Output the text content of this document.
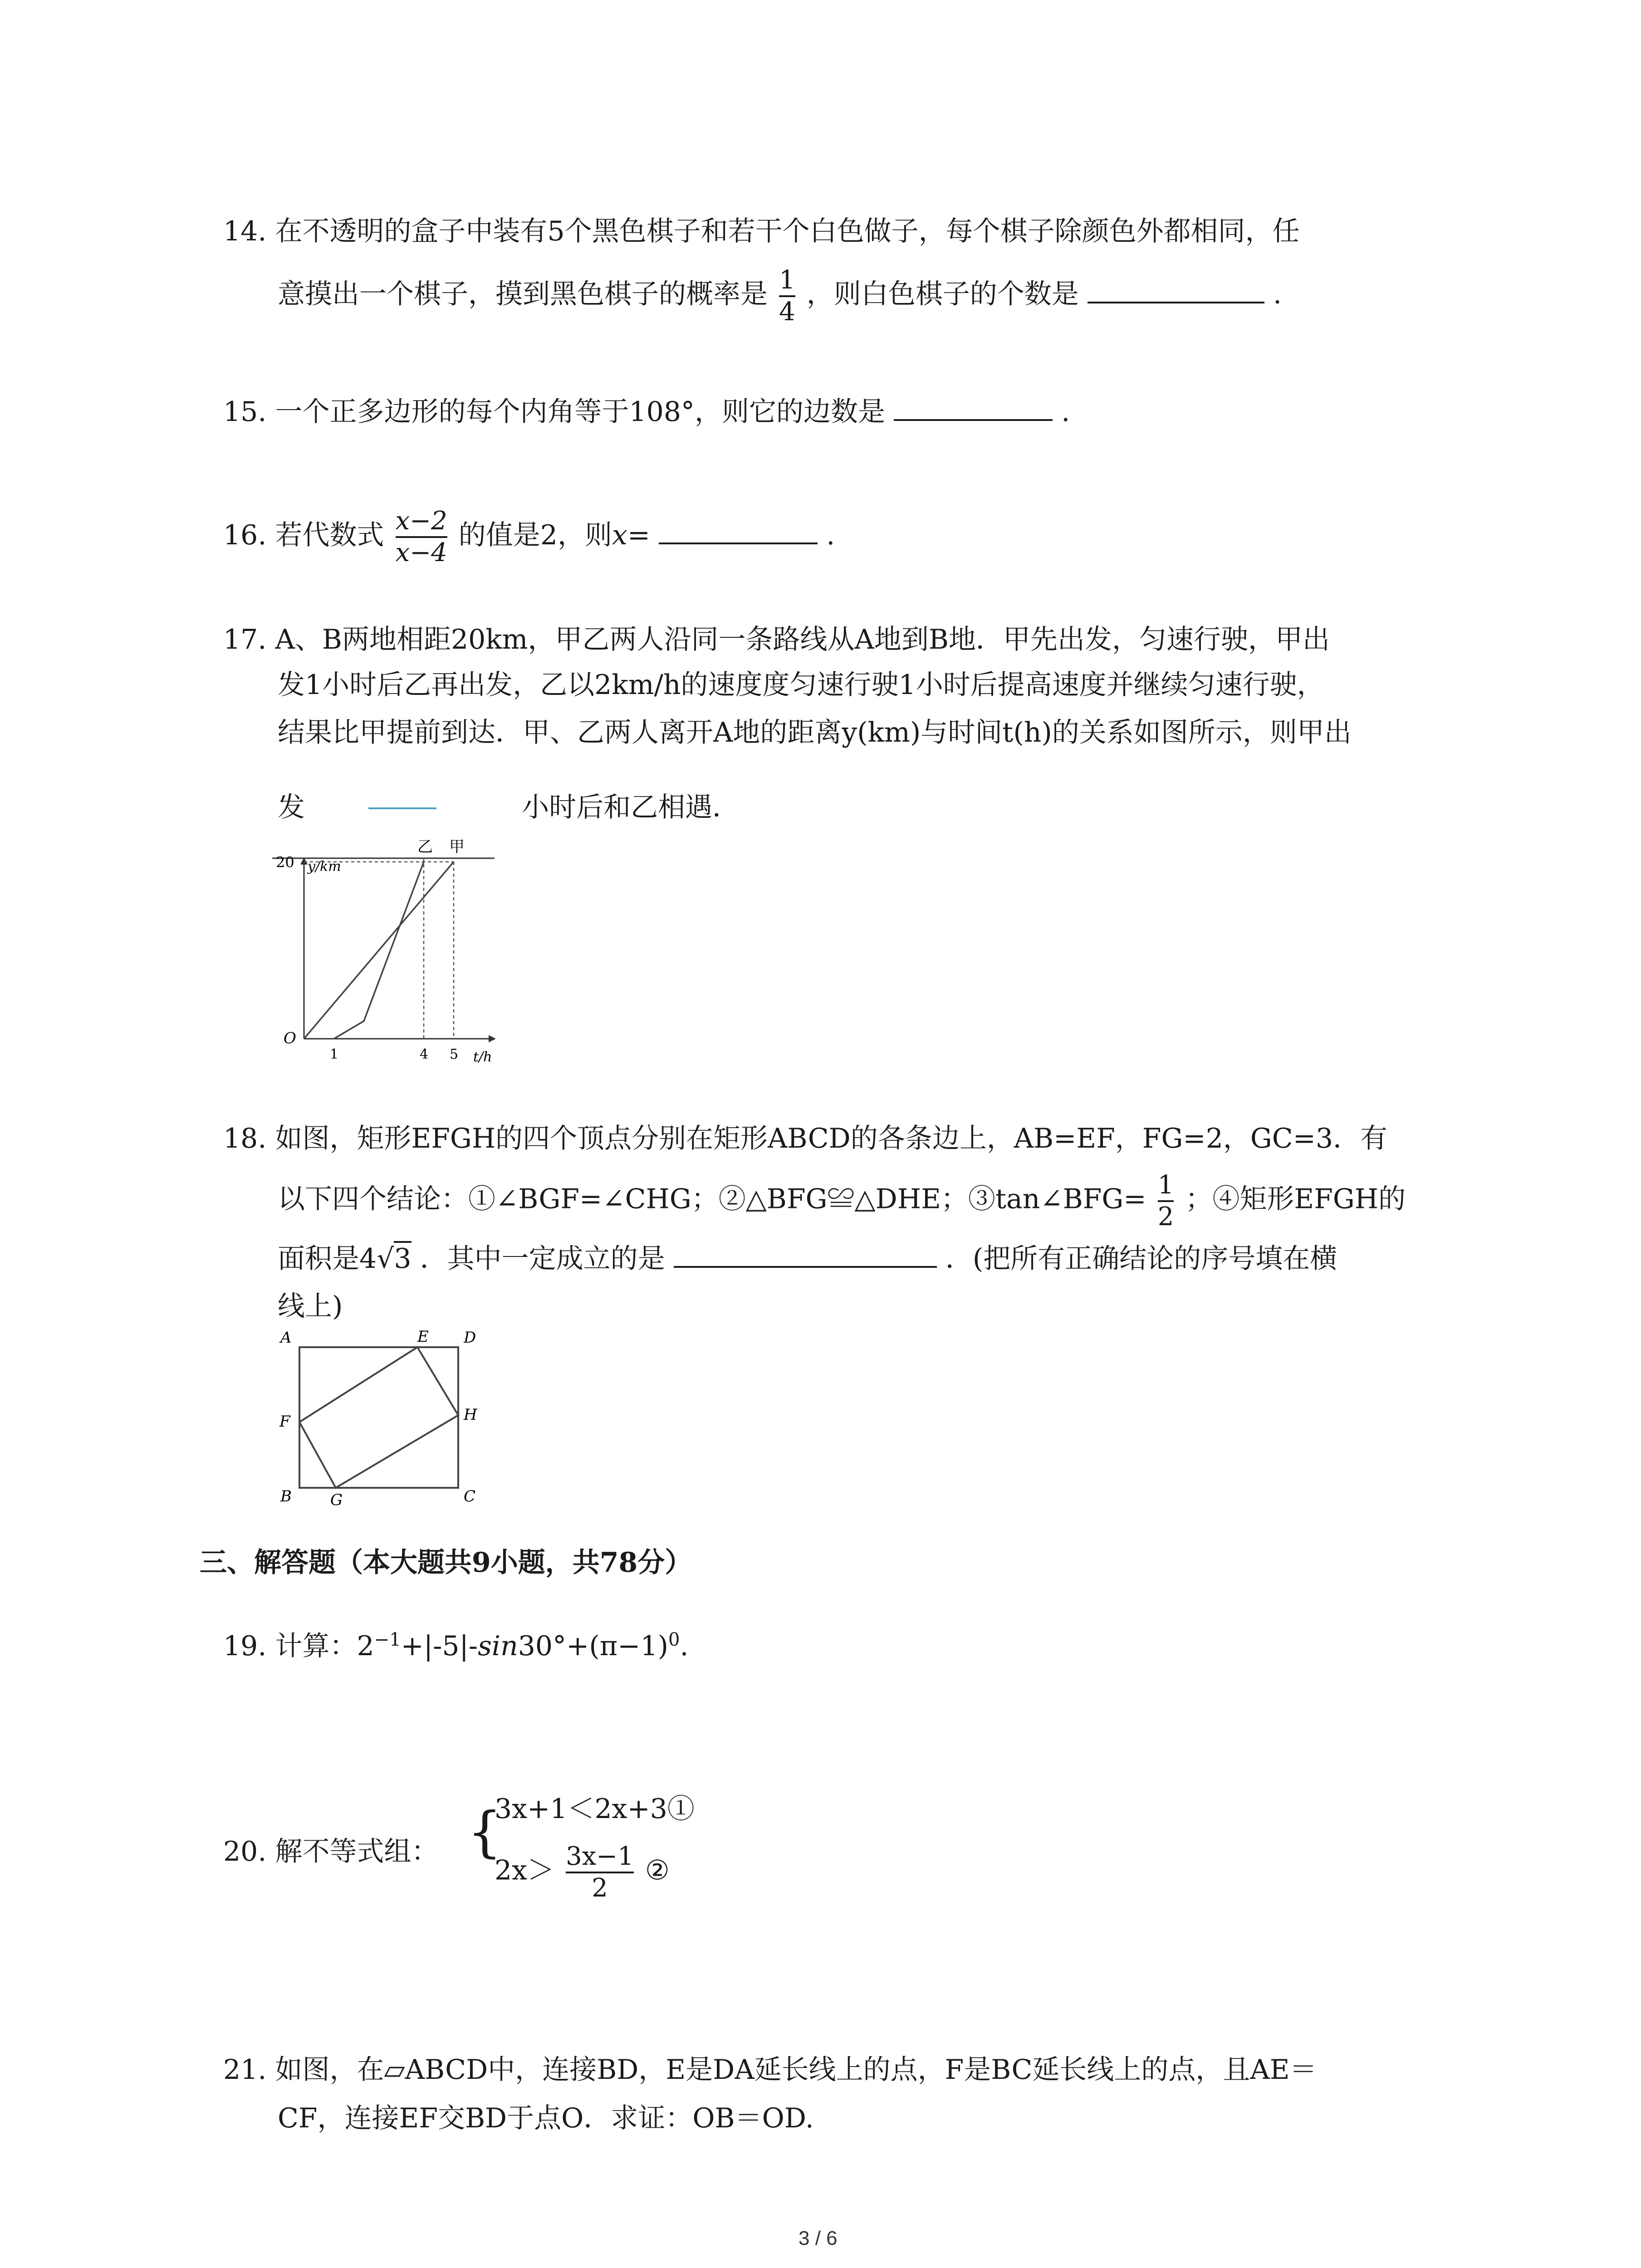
14. 在不透明的盒子中装有5个黑色棋子和若干个白色做子，每个棋子除颜色外都相同，任
意摸出一个棋子，摸到黑色棋子的概率是 $\frac{1}{4}$ ，则白色棋子的个数是	.
15. 一个正多边形的每个内角等于108°，则它的边数是	.
16. 若代数式 $\frac{x-2}{x-4}$ 的值是2，则x=	.
17. A、B两地相距20km，甲乙两人沿同一条路线从A地到B地．甲先出发，匀速行驶，甲出
发1小时后乙再出发，乙以2km/h的速度度匀速行驶1小时后提高速度并继续匀速行驶，
结果比甲提前到达．甲、乙两人离开A地的距离y(km)与时间t(h)的关系如图所示，则甲出
发	小时后和乙相遇．
y/km
t/h
O
20
1	4 5
乙 甲
18. 如图，矩形EFGH的四个顶点分别在矩形ABCD的各条边上，AB=EF，FG=2，GC=3．有
以下四个结论：①∠BGF=∠CHG；②△BFG≌△DHE；③tan∠BFG= $\frac{1}{2}$ ；④矩形EFGH的
面积是4√3 ．其中一定成立的是	．(把所有正确结论的序号填在横
线上)
A	E D
F	H
B	G	C
三、解答题（本大题共9小题，共78分）
19. 计算：$2^{-1}+|-5|-\sin 30^\circ+(\pi-1)^0$.
20. 解不等式组： {
3x+1＜2x+3①
$2x> \frac{3x-1}{2}$ ②
21. 如图，在▱ABCD中，连接BD，E是DA延长线上的点，F是BC延长线上的点，且AE＝
CF，连接EF交BD于点O．求证：OB＝OD.
3 / 6
